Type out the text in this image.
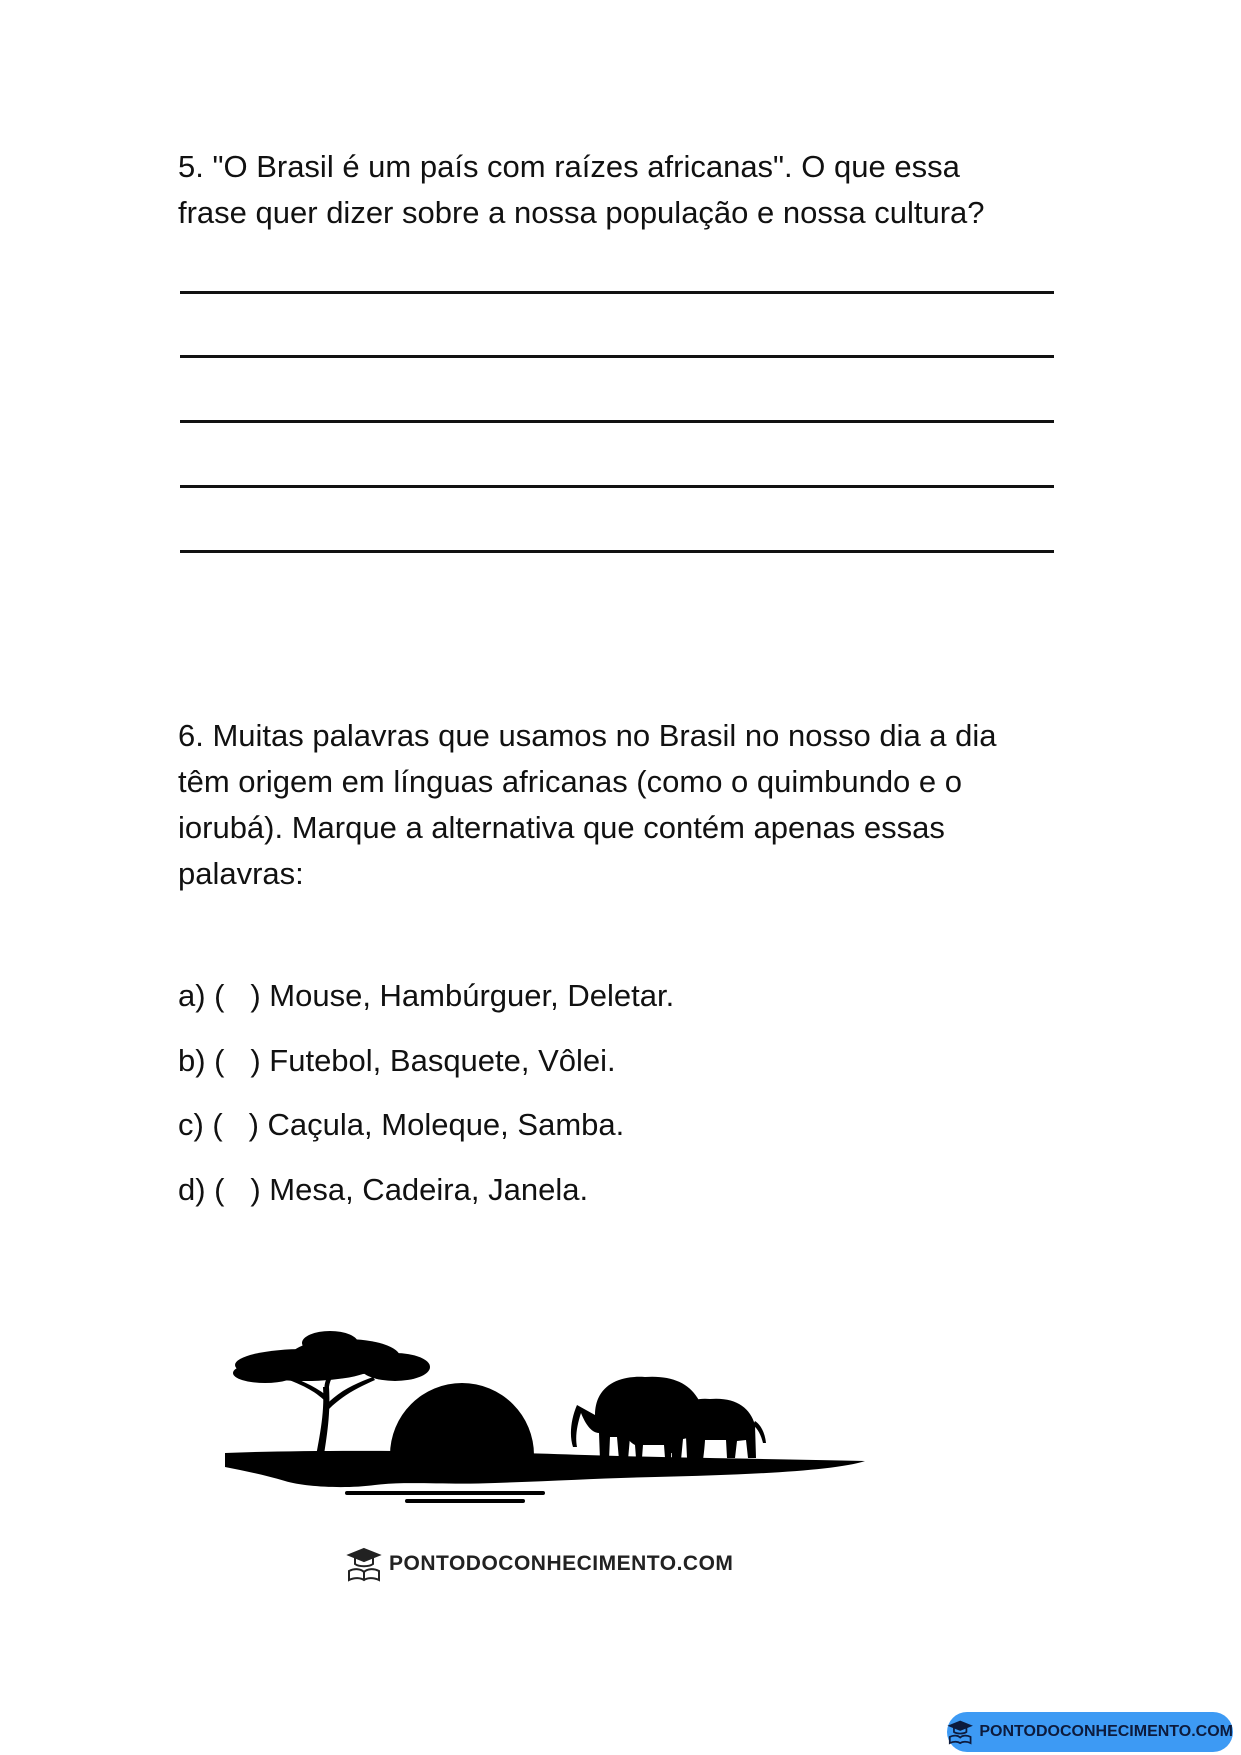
5. "O Brasil é um país com raízes africanas". O que essa
frase quer dizer sobre a nossa população e nossa cultura?
6. Muitas palavras que usamos no Brasil no nosso dia a dia
têm origem em línguas africanas (como o quimbundo e o
iorubá). Marque a alternativa que contém apenas essas
palavras:
a) (   ) Mouse, Hambúrguer, Deletar.
b) (   ) Futebol, Basquete, Vôlei.
c) (   ) Caçula, Moleque, Samba.
d) (   ) Mesa, Cadeira, Janela.
PONTODOCONHECIMENTO.COM
PONTODOCONHECIMENTO.COM
